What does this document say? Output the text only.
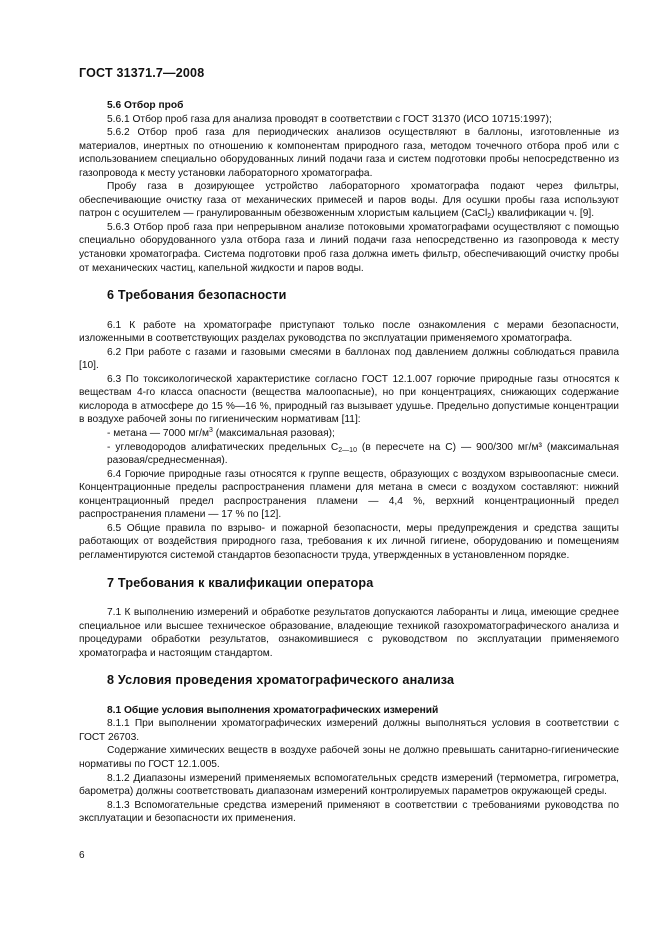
ГОСТ 31371.7—2008

5.6 Отбор проб

5.6.1 Отбор проб газа для анализа проводят в соответствии с ГОСТ 31370 (ИСО 10715:1997);

5.6.2 Отбор проб газа для периодических анализов осуществляют в баллоны, изготовленные из материалов, инертных по отношению к компонентам природного газа, методом точечного отбора проб или с использованием специально оборудованных линий подачи газа и систем подготовки пробы непосредственно из газопровода к месту установки лабораторного хроматографа.

Пробу газа в дозирующее устройство лабораторного хроматографа подают через фильтры, обеспечивающие очистку газа от механических примесей и паров воды. Для осушки пробы газа используют патрон с осушителем — гранулированным обезвоженным хлористым кальцием (CaCl$_2$) квалификации ч. [9].

5.6.3 Отбор проб газа при непрерывном анализе потоковыми хроматографами осуществляют с помощью специально оборудованного узла отбора газа и линий подачи газа непосредственно из газопровода к месту установки хроматографа. Система подготовки проб газа должна иметь фильтр, обеспечивающий очистку пробы от механических частиц, капельной жидкости и паров воды.

6 Требования безопасности

6.1 К работе на хроматографе приступают только после ознакомления с мерами безопасности, изложенными в соответствующих разделах руководства по эксплуатации применяемого хроматографа.

6.2 При работе с газами и газовыми смесями в баллонах под давлением должны соблюдаться правила [10].

6.3 По токсикологической характеристике согласно ГОСТ 12.1.007 горючие природные газы относятся к веществам 4-го класса опасности (вещества малоопасные), но при концентрациях, снижающих содержание кислорода в атмосфере до 15 %—16 %, природный газ вызывает удушье. Предельно допустимые концентрации в воздухе рабочей зоны по гигиеническим нормативам [11]:

- метана — 7000 $мг/м^3$ (максимальная разовая);

- углеводородов алифатических предельных $C_{2—10}$ (в пересчете на C) — 900/300 мг/м³ (максимальная разовая/среднесменная).

6.4 Горючие природные газы относятся к группе веществ, образующих с воздухом взрывоопасные смеси. Концентрационные пределы распространения пламени для метана в смеси с воздухом составляют: нижний концентрационный предел распространения пламени — 4,4 %, верхний концентрационный предел распространения пламени — 17 % по [12].

6.5 Общие правила по взрыво- и пожарной безопасности, меры предупреждения и средства защиты работающих от воздействия природного газа, требования к их личной гигиене, оборудованию и помещениям регламентируются системой стандартов безопасности труда, утвержденных в установленном порядке.

7 Требования к квалификации оператора

7.1 К выполнению измерений и обработке результатов допускаются лаборанты и лица, имеющие среднее специальное или высшее техническое образование, владеющие техникой газохроматографического анализа и процедурами обработки результатов, ознакомившиеся с руководством по эксплуатации применяемого хроматографа и настоящим стандартом.

8 Условия проведения хроматографического анализа

8.1 Общие условия выполнения хроматографических измерений

8.1.1 При выполнении хроматографических измерений должны выполняться условия в соответствии с ГОСТ 26703.

Содержание химических веществ в воздухе рабочей зоны не должно превышать санитарно-гигиенические нормативы по ГОСТ 12.1.005.

8.1.2 Диапазоны измерений применяемых вспомогательных средств измерений (термометра, гигрометра, барометра) должны соответствовать диапазонам измерений контролируемых параметров окружающей среды.

8.1.3 Вспомогательные средства измерений применяют в соответствии с требованиями руководства по эксплуатации и безопасности их применения.

6
